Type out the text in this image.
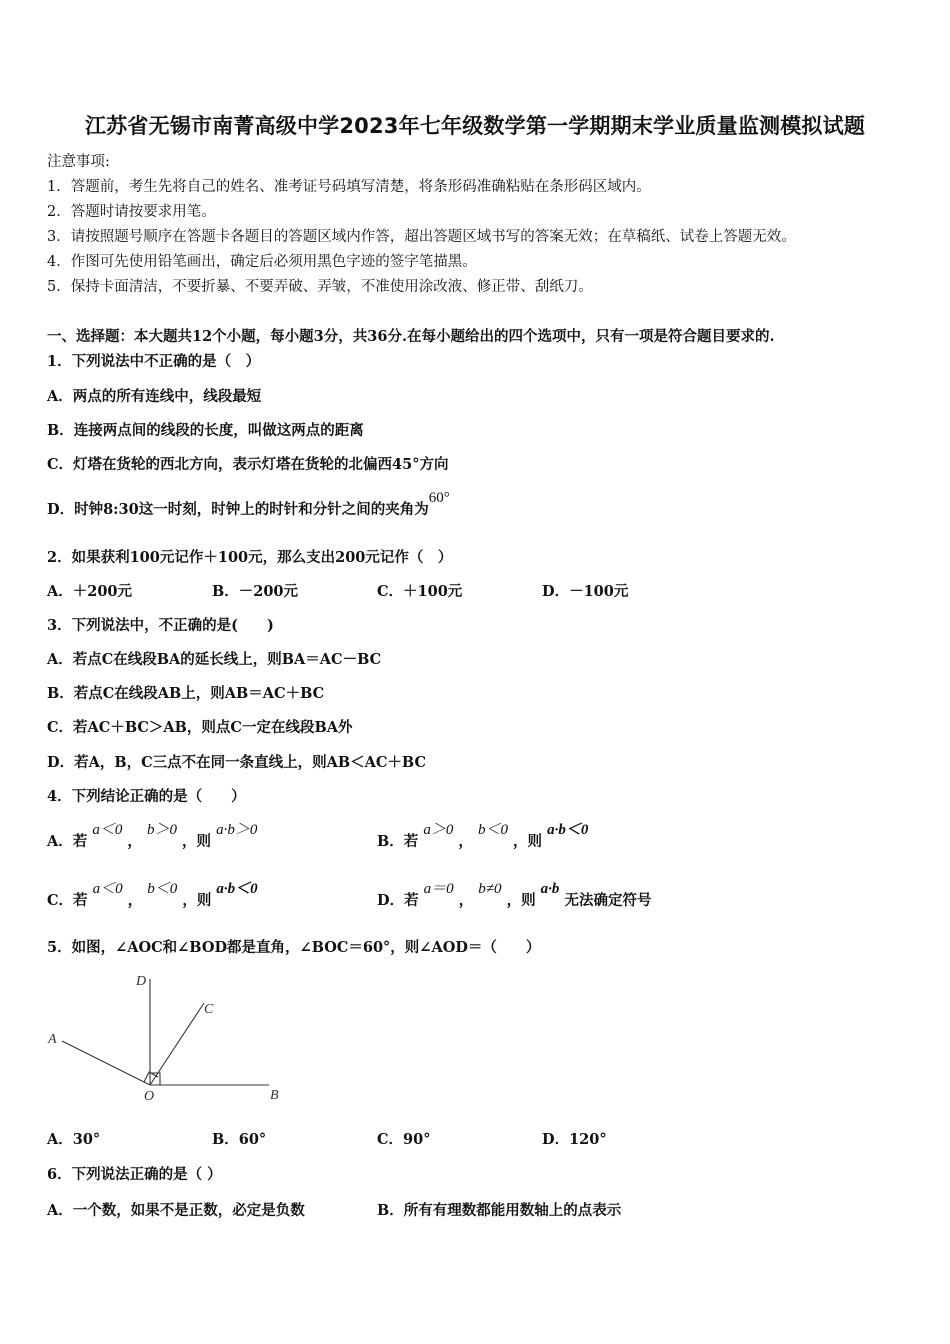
江苏省无锡市南菁高级中学2023年七年级数学第一学期期末学业质量监测模拟试题
注意事项:
1．答题前，考生先将自己的姓名、准考证号码填写清楚，将条形码准确粘贴在条形码区域内。
2．答题时请按要求用笔。
3．请按照题号顺序在答题卡各题目的答题区域内作答，超出答题区域书写的答案无效；在草稿纸、试卷上答题无效。
4．作图可先使用铅笔画出，确定后必须用黑色字迹的签字笔描黑。
5．保持卡面清洁，不要折暴、不要弄破、弄皱，不准使用涂改液、修正带、刮纸刀。
一、选择题：本大题共12个小题，每小题3分，共36分.在每小题给出的四个选项中，只有一项是符合题目要求的.
1．下列说法中不正确的是（　）
A．两点的所有连线中，线段最短
B．连接两点间的线段的长度，叫做这两点的距离
C．灯塔在货轮的西北方向，表示灯塔在货轮的北偏西45°方向
D．时钟8:30这一时刻，时钟上的时针和分针之间的夹角为60°
2．如果获利100元记作＋100元，那么支出200元记作（　）
A．＋200元	B．－200元	C．＋100元	D．－100元
3．下列说法中，不正确的是(　　)
A．若点C在线段BA的延长线上，则BA＝AC－BC
B．若点C在线段AB上，则AB＝AC＋BC
C．若AC＋BC＞AB，则点C一定在线段BA外
D．若A，B，C三点不在同一条直线上，则AB＜AC＋BC
4．下列结论正确的是（　　）
A．若 a＜0 ， b＞0 ，则 a·b＞0
B．若 a＞0 ， b＜0 ，则 a·b＜0
C．若 a＜0 ， b＜0 ，则 a·b＜0
D．若 a＝0 ， b≠0 ，则 a·b 无法确定符号
5．如图，∠AOC和∠BOD都是直角，∠BOC＝60°，则∠AOD＝（　　）
D
C
A
O	B
A．30°	B．60°	C．90°	D．120°
6．下列说法正确的是（ ）
A．一个数，如果不是正数，必定是负数	B．所有有理数都能用数轴上的点表示
